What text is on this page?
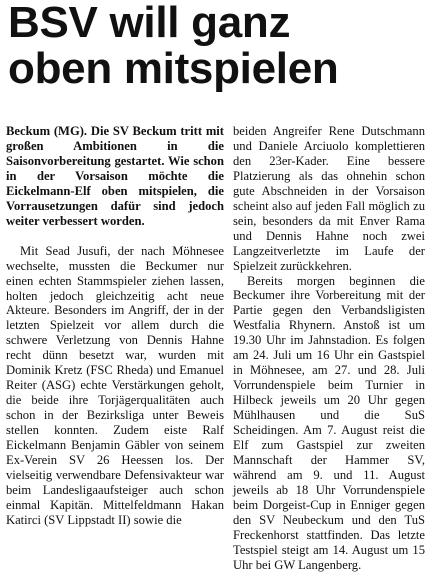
BSV will ganz
oben mitspielen

Beckum (MG). Die SV Beckum tritt mit großen Ambitionen in die Saisonvorbereitung gestartet. Wie schon in der Vorsaison möchte die Eickelmann-Elf oben mitspielen, die Vorrausetzungen dafür sind jedoch weiter verbessert worden.

Mit Sead Jusufi, der nach Möhnesee wechselte, mussten die Beckumer nur einen echten Stammspieler ziehen lassen, holten jedoch gleichzeitig acht neue Akteure. Besonders im Angriff, der in der letzten Spielzeit vor allem durch die schwere Verletzung von Dennis Hahne recht dünn besetzt war, wurden mit Dominik Kretz (FSC Rheda) und Emanuel Reiter (ASG) echte Verstärkungen geholt, die beide ihre Torjägerqualitäten auch schon in der Bezirksliga unter Beweis stellen konnten. Zudem eiste Ralf Eickelmann Benjamin Gäbler von seinem Ex-Verein SV 26 Heessen los. Der vielseitig verwendbare Defensivakteur war beim Landesligaaufsteiger auch schon einmal Kapitän. Mittelfeldmann Hakan Katirci (SV Lippstadt II) sowie die

beiden Angreifer Rene Dutschmann und Daniele Arciuolo komplettieren den 23er-Kader. Eine bessere Platzierung als das ohnehin schon gute Abschneiden in der Vorsaison scheint also auf jeden Fall möglich zu sein, besonders da mit Enver Rama und Dennis Hahne noch zwei Langzeitverletzte im Laufe der Spielzeit zurückkehren.

Bereits morgen beginnen die Beckumer ihre Vorbereitung mit der Partie gegen den Verbandsligisten Westfalia Rhynern. Anstoß ist um 19.30 Uhr im Jahnstadion. Es folgen am 24. Juli um 16 Uhr ein Gastspiel in Möhnesee, am 27. und 28. Juli Vorrundenspiele beim Turnier in Hilbeck jeweils um 20 Uhr gegen Mühlhausen und die SuS Scheidingen. Am 7. August reist die Elf zum Gastspiel zur zweiten Mannschaft der Hammer SV, während am 9. und 11. August jeweils ab 18 Uhr Vorrundenspiele beim Dorgeist-Cup in Enniger gegen den SV Neubeckum und den TuS Freckenhorst stattfinden. Das letzte Testspiel steigt am 14. August um 15 Uhr bei GW Langenberg.
